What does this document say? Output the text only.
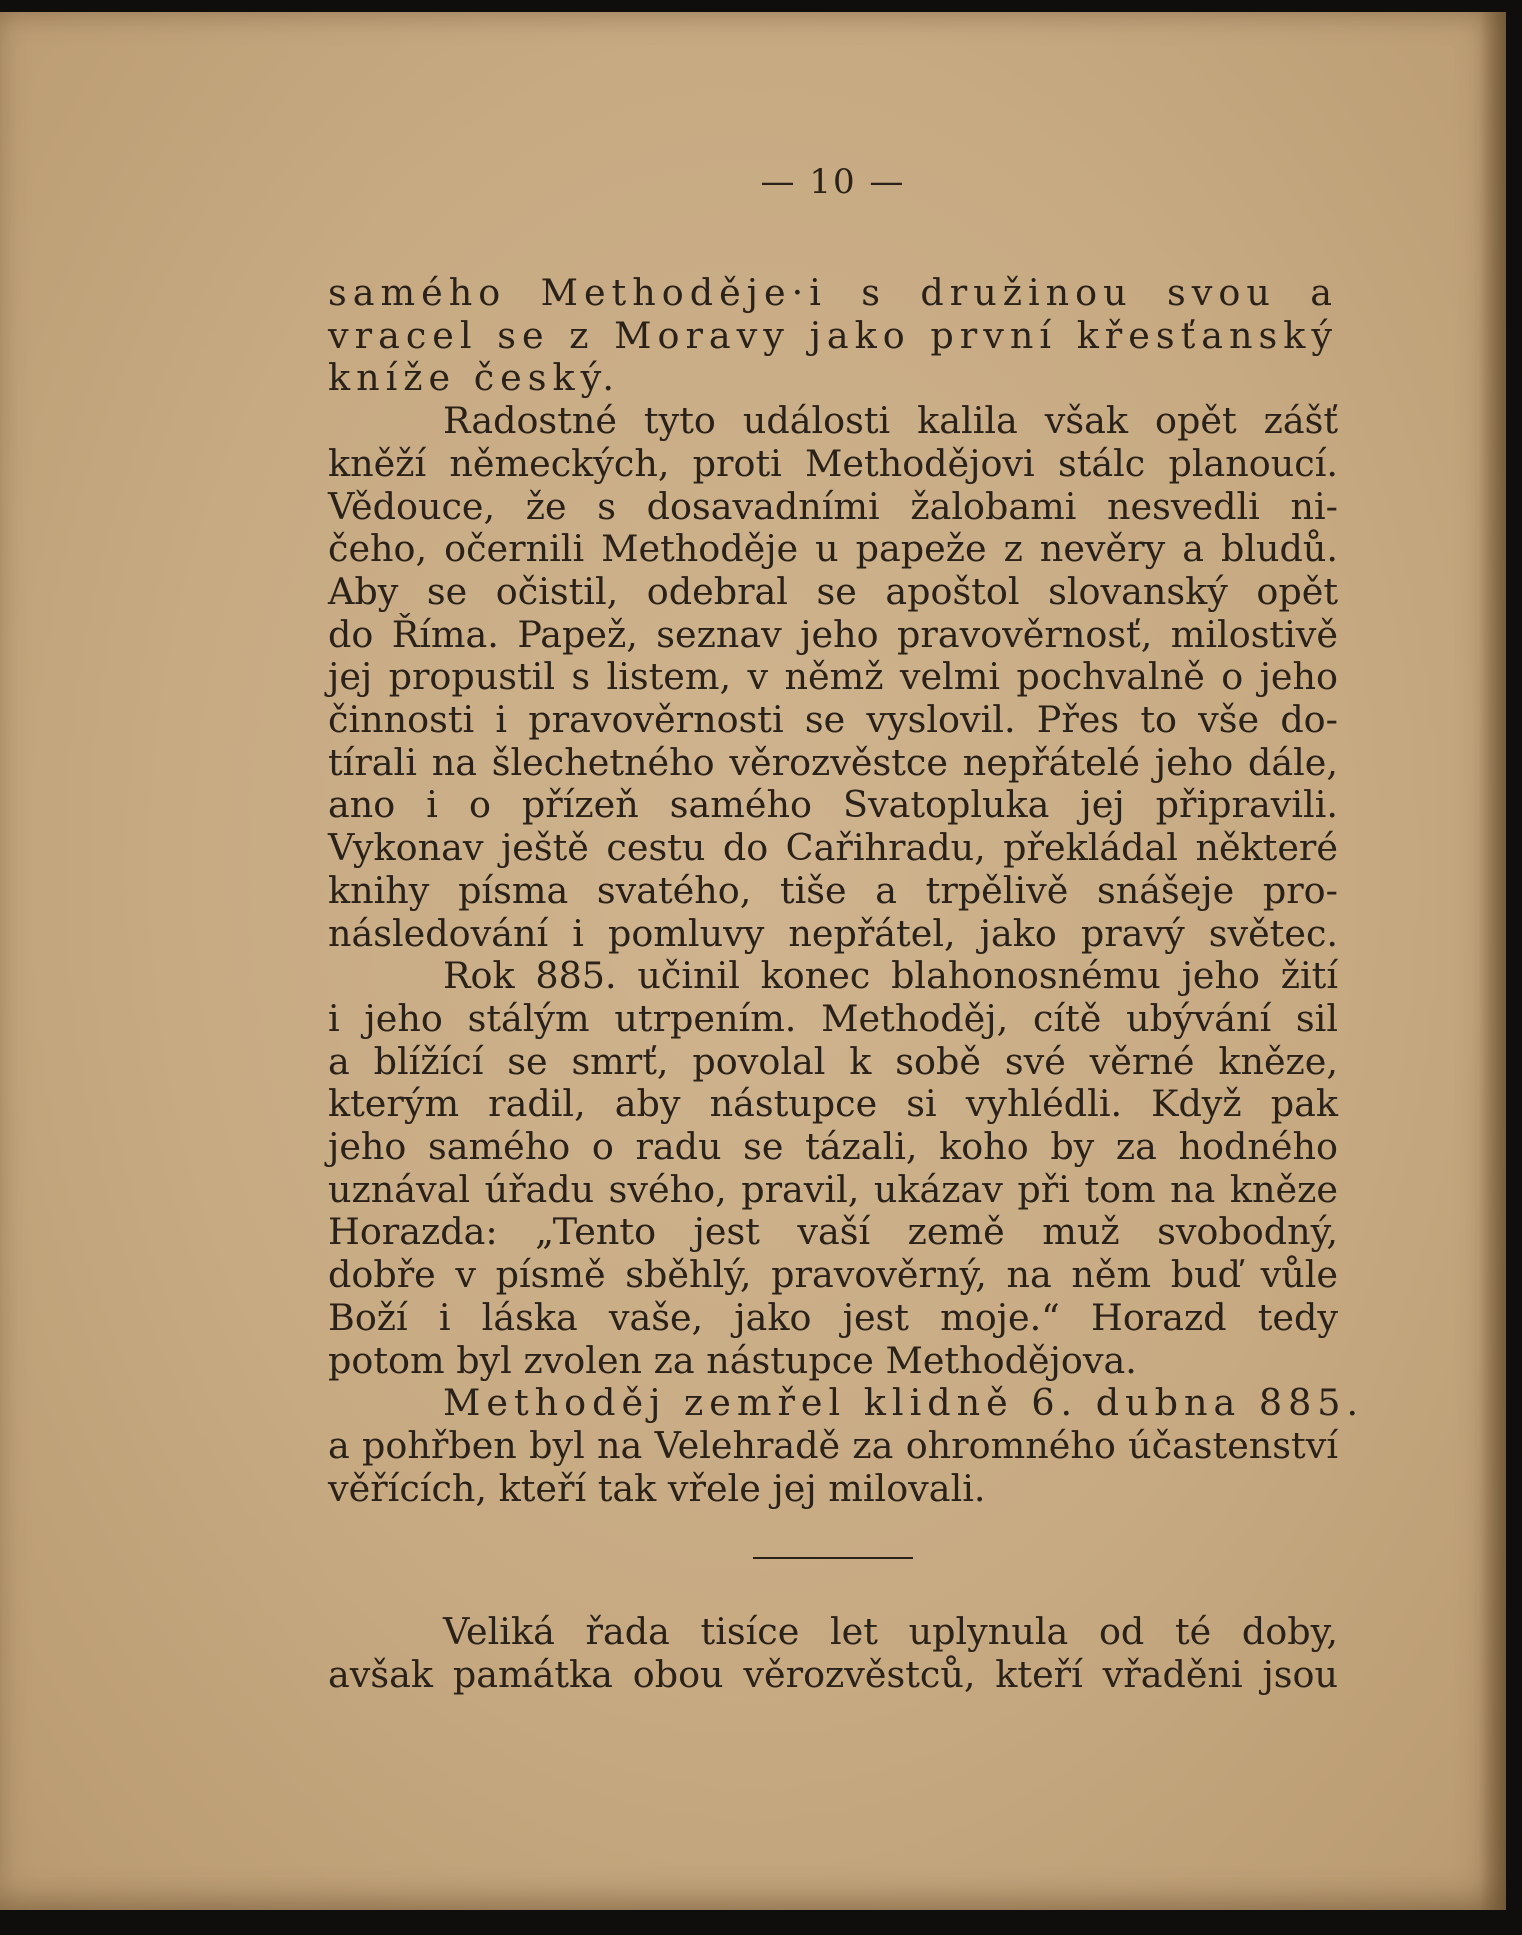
— 10 —
samého Methoděje·i s družinou svou a
vracel se z Moravy jako první křesťanský
kníže český.
Radostné tyto události kalila však opět zášť
kněží německých, proti Methodějovi stálc planoucí.
Vědouce, že s dosavadními žalobami nesvedli ni-
čeho, očernili Methoděje u papeže z nevěry a bludů.
Aby se očistil, odebral se apoštol slovanský opět
do Říma. Papež, seznav jeho pravověrnosť, milostivě
jej propustil s listem, v němž velmi pochvalně o jeho
činnosti i pravověrnosti se vyslovil. Přes to vše do-
tírali na šlechetného věrozvěstce nepřátelé jeho dále,
ano i o přízeň samého Svatopluka jej připravili.
Vykonav ještě cestu do Cařihradu, překládal některé
knihy písma svatého, tiše a trpělivě snášeje pro-
následování i pomluvy nepřátel, jako pravý světec.
Rok 885. učinil konec blahonosnému jeho žití
i jeho stálým utrpením. Methoděj, cítě ubývání sil
a blížící se smrť, povolal k sobě své věrné kněze,
kterým radil, aby nástupce si vyhlédli. Když pak
jeho samého o radu se tázali, koho by za hodného
uznával úřadu svého, pravil, ukázav při tom na kněze
Horazda: „Tento jest vaší země muž svobodný,
dobře v písmě sběhlý, pravověrný, na něm buď vůle
Boží i láska vaše, jako jest moje.“ Horazd tedy
potom byl zvolen za nástupce Methodějova.
Methoděj zemřel klidně 6. dubna 885.
a pohřben byl na Velehradě za ohromného účastenství
věřících, kteří tak vřele jej milovali.
Veliká řada tisíce let uplynula od té doby,
avšak památka obou věrozvěstců, kteří vřaděni jsou
